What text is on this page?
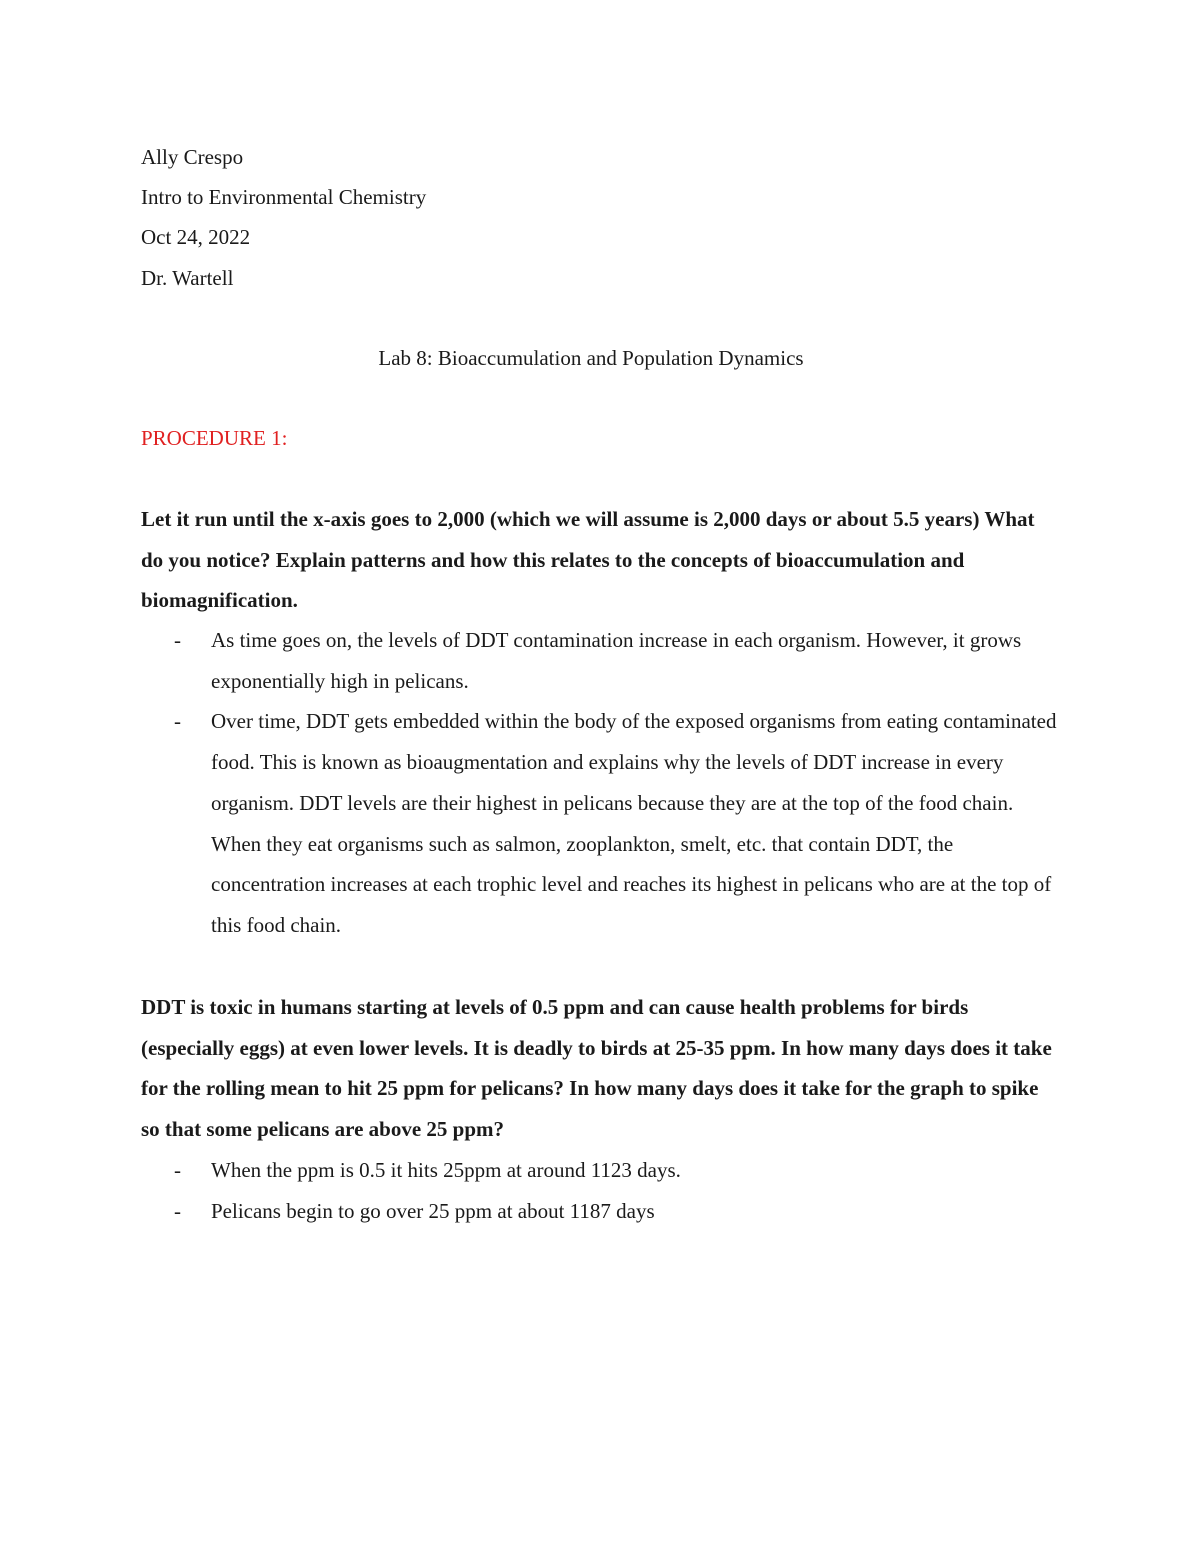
Ally Crespo
Intro to Environmental Chemistry
Oct 24, 2022
Dr. Wartell
Lab 8: Bioaccumulation and Population Dynamics
PROCEDURE 1:
Let it run until the x-axis goes to 2,000 (which we will assume is 2,000 days or about 5.5 years) What do you notice? Explain patterns and how this relates to the concepts of bioaccumulation and biomagnification.
- As time goes on, the levels of DDT contamination increase in each organism. However, it grows exponentially high in pelicans.
- Over time, DDT gets embedded within the body of the exposed organisms from eating contaminated food. This is known as bioaugmentation and explains why the levels of DDT increase in every organism. DDT levels are their highest in pelicans because they are at the top of the food chain. When they eat organisms such as salmon, zooplankton, smelt, etc. that contain DDT, the concentration increases at each trophic level and reaches its highest in pelicans who are at the top of this food chain.
DDT is toxic in humans starting at levels of 0.5 ppm and can cause health problems for birds (especially eggs) at even lower levels. It is deadly to birds at 25-35 ppm. In how many days does it take for the rolling mean to hit 25 ppm for pelicans? In how many days does it take for the graph to spike so that some pelicans are above 25 ppm?
- When the ppm is 0.5 it hits 25ppm at around 1123 days.
- Pelicans begin to go over 25 ppm at about 1187 days
